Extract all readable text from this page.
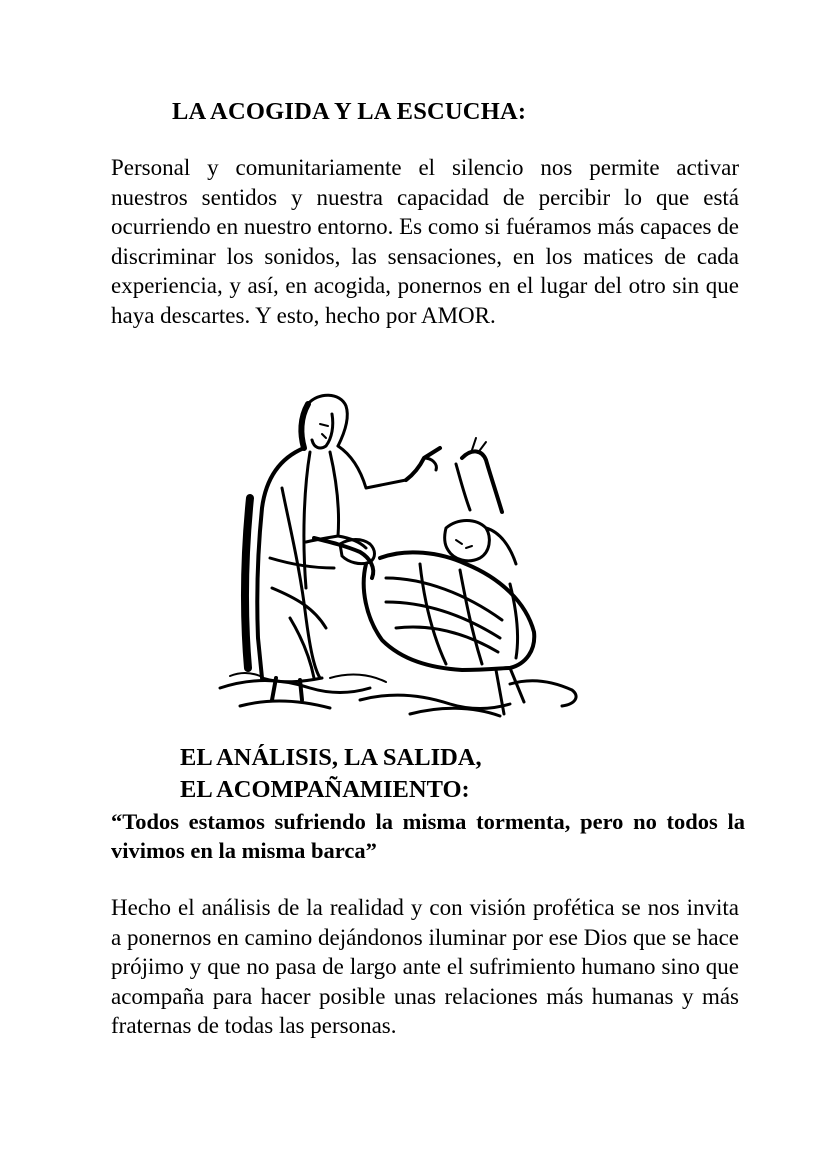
LA ACOGIDA Y LA ESCUCHA:

Personal y comunitariamente el silencio nos permite activar nuestros sentidos y nuestra capacidad de percibir lo que está ocurriendo en nuestro entorno. Es como si fuéramos más capaces de discriminar los sonidos, las sensaciones, en los matices de cada experiencia, y así, en acogida, ponernos en el lugar del otro sin que haya descartes. Y esto, hecho por AMOR.

EL ANÁLISIS, LA SALIDA,
EL ACOMPAÑAMIENTO:

“Todos estamos sufriendo la misma tormenta, pero no todos la vivimos en la misma barca”

Hecho el análisis de la realidad y con visión profética se nos invita a ponernos en camino dejándonos iluminar por ese Dios que se hace prójimo y que no pasa de largo ante el sufrimiento humano sino que acompaña para hacer posible unas relaciones más humanas y más fraternas de todas las personas.
